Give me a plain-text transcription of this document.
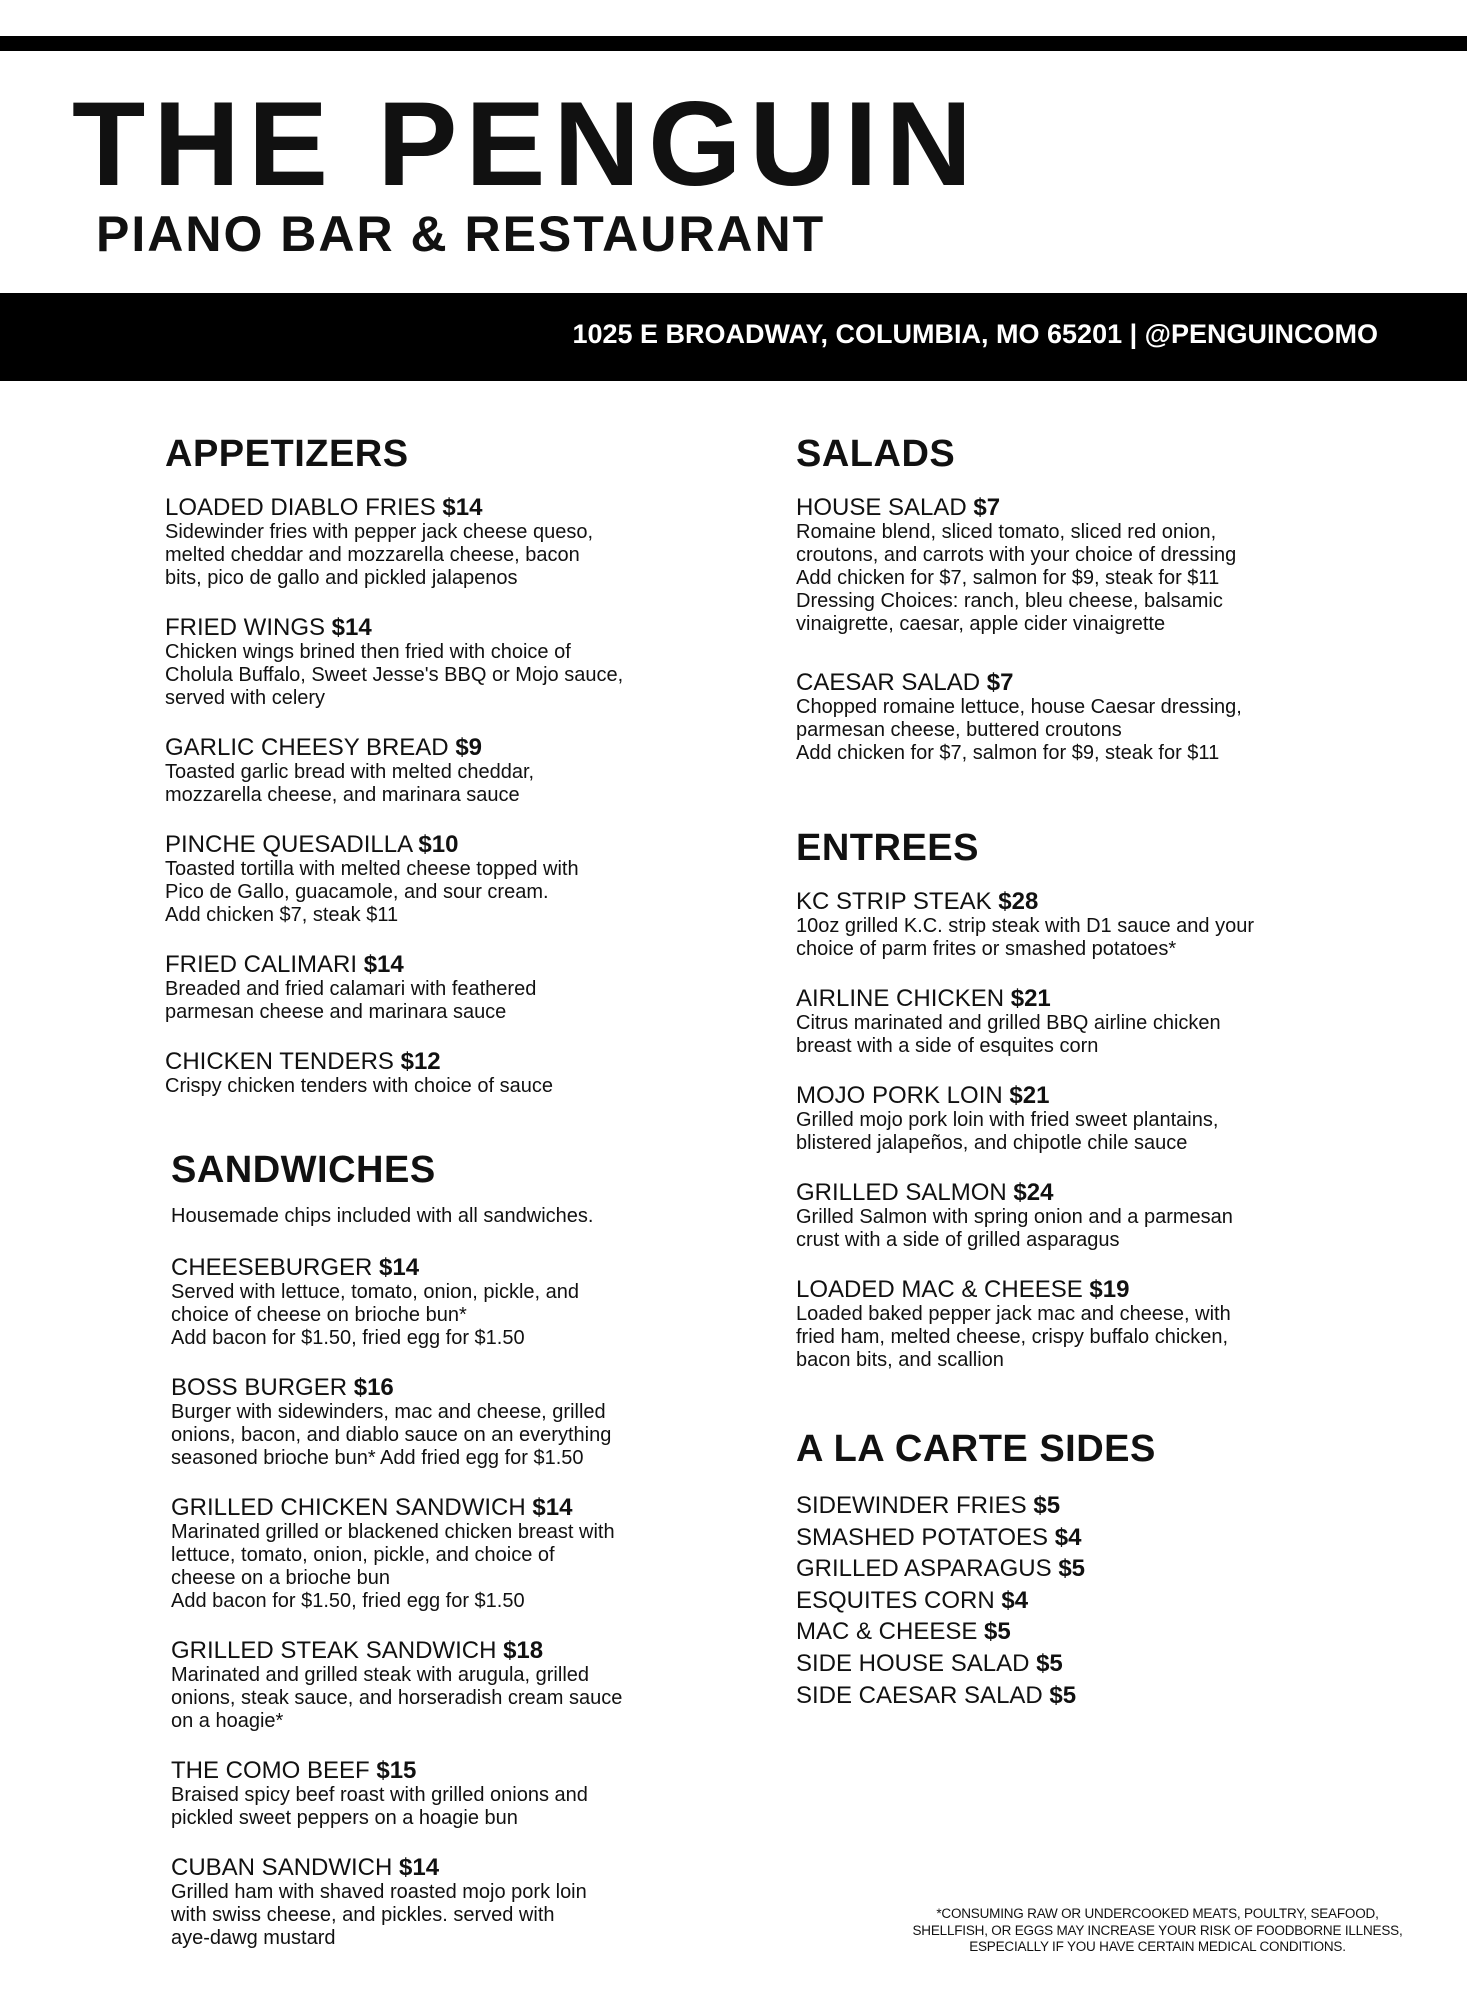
THE PENGUIN
PIANO BAR & RESTAURANT
1025 E BROADWAY, COLUMBIA, MO 65201 | @PENGUINCOMO
APPETIZERS
LOADED DIABLO FRIES $14
Sidewinder fries with pepper jack cheese queso,
melted cheddar and mozzarella cheese, bacon
bits, pico de gallo and pickled jalapenos
FRIED WINGS $14
Chicken wings brined then fried with choice of
Cholula Buffalo, Sweet Jesse's BBQ or Mojo sauce,
served with celery
GARLIC CHEESY BREAD $9
Toasted garlic bread with melted cheddar,
mozzarella cheese, and marinara sauce
PINCHE QUESADILLA $10
Toasted tortilla with melted cheese topped with
Pico de Gallo, guacamole, and sour cream.
Add chicken $7, steak $11
FRIED CALIMARI $14
Breaded and fried calamari with feathered
parmesan cheese and marinara sauce
CHICKEN TENDERS $12
Crispy chicken tenders with choice of sauce
SANDWICHES
Housemade chips included with all sandwiches.
CHEESEBURGER $14
Served with lettuce, tomato, onion, pickle, and
choice of cheese on brioche bun*
Add bacon for $1.50, fried egg for $1.50
BOSS BURGER $16
Burger with sidewinders, mac and cheese, grilled
onions, bacon, and diablo sauce on an everything
seasoned brioche bun* Add fried egg for $1.50
GRILLED CHICKEN SANDWICH $14
Marinated grilled or blackened chicken breast with
lettuce, tomato, onion, pickle, and choice of
cheese on a brioche bun
Add bacon for $1.50, fried egg for $1.50
GRILLED STEAK SANDWICH $18
Marinated and grilled steak with arugula, grilled
onions, steak sauce, and horseradish cream sauce
on a hoagie*
THE COMO BEEF $15
Braised spicy beef roast with grilled onions and
pickled sweet peppers on a hoagie bun
CUBAN SANDWICH $14
Grilled ham with shaved roasted mojo pork loin
with swiss cheese, and pickles. served with
aye-dawg mustard
SALADS
HOUSE SALAD $7
Romaine blend, sliced tomato, sliced red onion,
croutons, and carrots with your choice of dressing
Add chicken for $7, salmon for $9, steak for $11
Dressing Choices: ranch, bleu cheese, balsamic
vinaigrette, caesar, apple cider vinaigrette
CAESAR SALAD $7
Chopped romaine lettuce, house Caesar dressing,
parmesan cheese, buttered croutons
Add chicken for $7, salmon for $9, steak for $11
ENTREES
KC STRIP STEAK $28
10oz grilled K.C. strip steak with D1 sauce and your
choice of parm frites or smashed potatoes*
AIRLINE CHICKEN $21
Citrus marinated and grilled BBQ airline chicken
breast with a side of esquites corn
MOJO PORK LOIN $21
Grilled mojo pork loin with fried sweet plantains,
blistered jalapeños, and chipotle chile sauce
GRILLED SALMON $24
Grilled Salmon with spring onion and a parmesan
crust with a side of grilled asparagus
LOADED MAC & CHEESE $19
Loaded baked pepper jack mac and cheese, with
fried ham, melted cheese, crispy buffalo chicken,
bacon bits, and scallion
A LA CARTE SIDES
SIDEWINDER FRIES $5
SMASHED POTATOES $4
GRILLED ASPARAGUS $5
ESQUITES CORN $4
MAC & CHEESE $5
SIDE HOUSE SALAD $5
SIDE CAESAR SALAD $5
*CONSUMING RAW OR UNDERCOOKED MEATS, POULTRY, SEAFOOD,
SHELLFISH, OR EGGS MAY INCREASE YOUR RISK OF FOODBORNE ILLNESS,
ESPECIALLY IF YOU HAVE CERTAIN MEDICAL CONDITIONS.
